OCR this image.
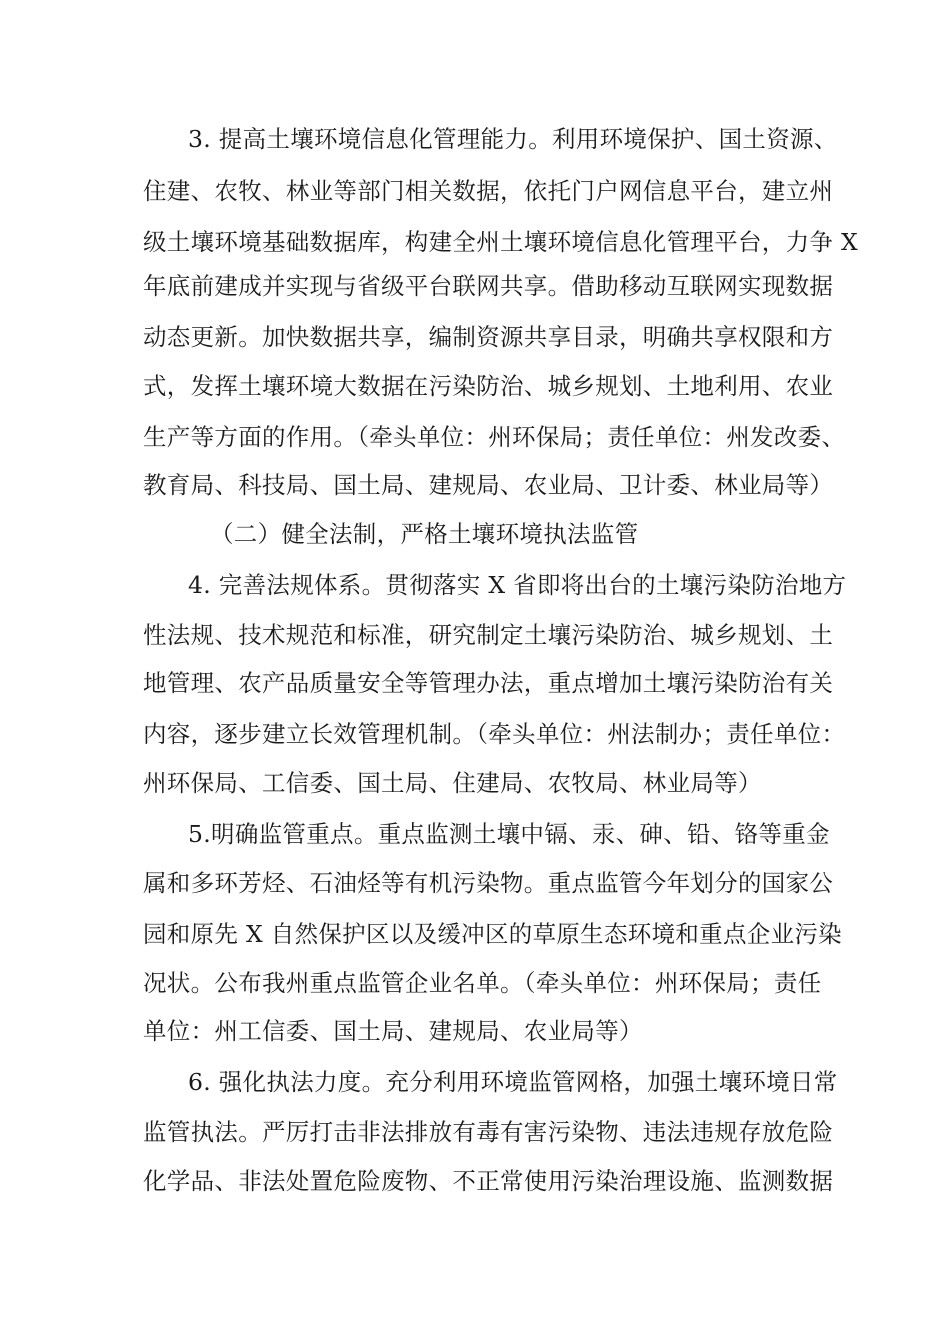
3. 提高土壤环境信息化管理能力。利用环境保护、国土资源、
住建、农牧、林业等部门相关数据，依托门户网信息平台，建立州
级土壤环境基础数据库，构建全州土壤环境信息化管理平台，力争 X
年底前建成并实现与省级平台联网共享。借助移动互联网实现数据
动态更新。加快数据共享，编制资源共享目录，明确共享权限和方
式，发挥土壤环境大数据在污染防治、城乡规划、土地利用、农业
生产等方面的作用。（牵头单位：州环保局；责任单位：州发改委、
教育局、科技局、国土局、建规局、农业局、卫计委、林业局等）
（二）健全法制，严格土壤环境执法监管
4. 完善法规体系。贯彻落实 X 省即将出台的土壤污染防治地方
性法规、技术规范和标准，研究制定土壤污染防治、城乡规划、土
地管理、农产品质量安全等管理办法，重点增加土壤污染防治有关
内容，逐步建立长效管理机制。（牵头单位：州法制办；责任单位：
州环保局、工信委、国土局、住建局、农牧局、林业局等）
5.明确监管重点。重点监测土壤中镉、汞、砷、铅、铬等重金
属和多环芳烃、石油烃等有机污染物。重点监管今年划分的国家公
园和原先 X 自然保护区以及缓冲区的草原生态环境和重点企业污染
况状。公布我州重点监管企业名单。（牵头单位：州环保局；责任
单位：州工信委、国土局、建规局、农业局等）
6. 强化执法力度。充分利用环境监管网格，加强土壤环境日常
监管执法。严厉打击非法排放有毒有害污染物、违法违规存放危险
化学品、非法处置危险废物、不正常使用污染治理设施、监测数据
